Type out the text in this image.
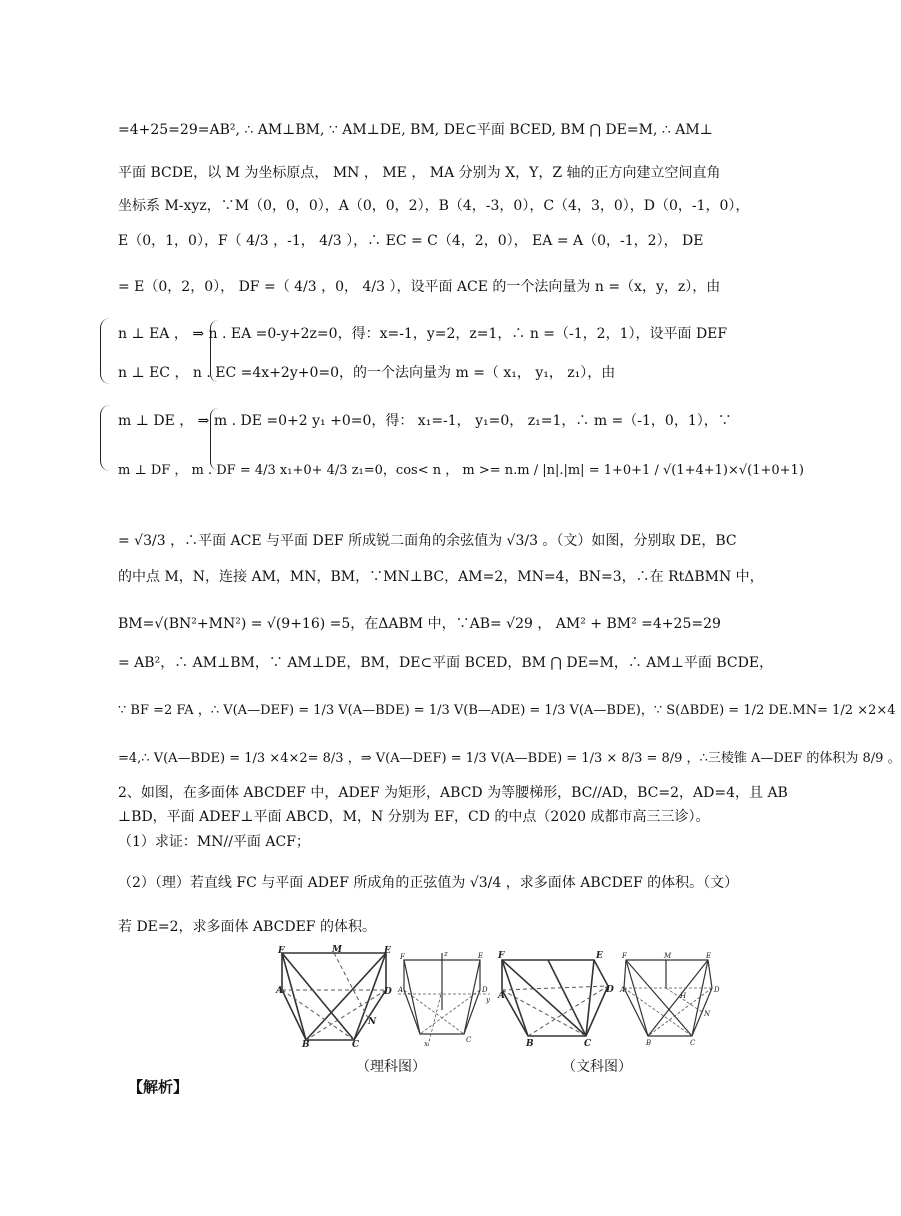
=4+25=29=AB², ∴ AM⊥BM, ∵ AM⊥DE, BM, DE⊂平面 BCED, BM ⋂ DE=M, ∴ AM⊥
平面 BCDE，以 M 为坐标原点， MN ， ME ， MA 分别为 X，Y，Z 轴的正方向建立空间直角
坐标系 M-xyz，∵M（0，0，0），A（0，0，2），B（4，-3，0），C（4，3，0），D（0，-1，0），
E（0，1，0），F（ 4/3 ，-1， 4/3 ），∴ EC = C（4，2，0）， EA = A（0，-1，2）， DE
= E（0，2，0）， DF =（ 4/3 ，0， 4/3 ），设平面 ACE 的一个法向量为 n =（x，y，z），由
n ⊥ EA ， ⇒ n . EA =0-y+2z=0，得：x=-1，y=2，z=1，∴ n =（-1，2，1），设平面 DEF
n ⊥ EC ， n . EC =4x+2y+0=0，的一个法向量为 m =（ x₁， y₁， z₁），由
m ⊥ DE ， ⇒ m . DE =0+2 y₁ +0=0，得： x₁=-1， y₁=0， z₁=1，∴ m =（-1，0，1），∵
m ⊥ DF ， m . DF = 4/3 x₁+0+ 4/3 z₁=0，cos< n ， m >= n.m / |n|.|m| = 1+0+1 / √(1+4+1)×√(1+0+1)
= √3/3 ，∴平面 ACE 与平面 DEF 所成锐二面角的余弦值为 √3/3 。（文）如图，分别取 DE，BC
的中点 M，N，连接 AM，MN，BM，∵MN⊥BC，AM=2，MN=4，BN=3，∴在 RtΔBMN 中，
BM=√(BN²+MN²) = √(9+16) =5，在ΔABM 中，∵AB= √29 ， AM² + BM² =4+25=29
= AB²，∴ AM⊥BM，∵ AM⊥DE，BM，DE⊂平面 BCED，BM ⋂ DE=M，∴ AM⊥平面 BCDE，
∵ BF =2 FA ，∴ V(A—DEF) = 1/3 V(A—BDE) = 1/3 V(B—ADE) = 1/3 V(A—BDE)，∵ S(ΔBDE) = 1/2 DE.MN= 1/2 ×2×4
=4,∴ V(A—BDE) = 1/3 ×4×2= 8/3 ，⇒ V(A—DEF) = 1/3 V(A—BDE) = 1/3 × 8/3 = 8/9 ，∴三棱锥 A—DEF 的体积为 8/9 。
2、如图，在多面体 ABCDEF 中，ADEF 为矩形，ABCD 为等腰梯形，BC//AD，BC=2，AD=4，且 AB
⊥BD，平面 ADEF⊥平面 ABCD，M，N 分别为 EF，CD 的中点（2020 成都市高三三诊）。
（1）求证：MN//平面 ACF；
（2）（理）若直线 FC 与平面 ADEF 所成角的正弦值为 √3/4 ，求多面体 ABCDEF 的体积。（文）
若 DE=2，求多面体 ABCDEF 的体积。
F	M	E
A	D
N
B	C
F	z	E
A	D
y
x	C
F	E
A
D
B	C
F	M	E
A
H
D
N
B	C
（理科图）	（文科图）
【解析】
